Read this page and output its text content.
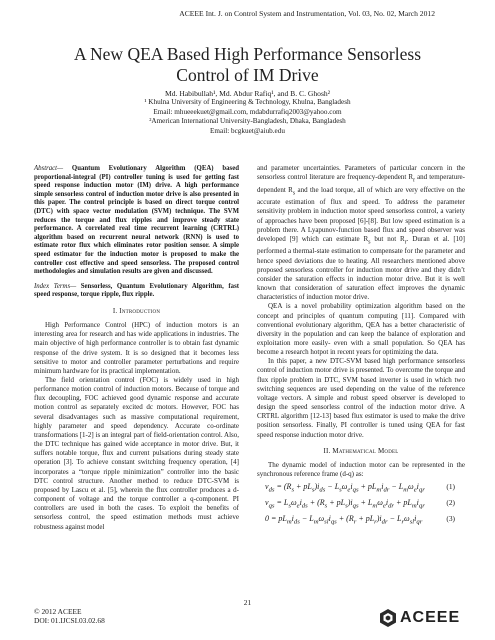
ACEEE Int. J. on Control System and Instrumentation, Vol. 03, No. 02, March 2012
A New QEA Based High Performance Sensorless
Control of IM Drive
Md. Habibullah¹, Md. Abdur Rafiq¹, and B. C. Ghosh²
¹ Khulna University of Engineering & Technology, Khulna, Bangladesh
Email: mhueeekuet@gmail.com, mdabdurrafiq2003@yahoo.com
²American International University-Bangladesh, Dhaka, Bangladesh
Email: bcgkuet@aiub.edu

Abstract— Quantum Evolutionary Algorithm (QEA) based proportional-integral (PI) controller tuning is used for getting fast speed response induction motor (IM) drive. A high performance simple sensorless control of induction motor drive is also presented in this paper. The control principle is based on direct torque control (DTC) with space vector modulation (SVM) technique. The SVM reduces the torque and flux ripples and improve steady state performance. A correlated real time recurrent learning (CRTRL) algorithm based on recurrent neural network (RNN) is used to estimate rotor flux which eliminates rotor position sensor. A simple speed estimator for the induction motor is proposed to make the controller cost effective and speed sensorless. The proposed control methodologies and simulation results are given and discussed.

Index Terms— Sensorless, Quantum Evolutionary Algorithm, fast speed response, torque ripple, flux ripple.

I. Introduction

High Performance Control (HPC) of induction motors is an interesting area for research and has wide applications in industries. The main objective of high performance controller is to obtain fast dynamic response of the drive system. It is so designed that it becomes less sensitive to motor and controller parameter perturbations and require minimum hardware for its practical implementation.

The field orientation control (FOC) is widely used in high performance motion control of induction motors. Because of torque and flux decoupling, FOC achieved good dynamic response and accurate motion control as separately excited dc motors. However, FOC has several disadvantages such as massive computational requirement, highly parameter and speed dependency. Accurate co-ordinate transformations [1-2] is an integral part of field-orientation control. Also, the DTC technique has gained wide acceptance in motor drive. But, it suffers notable torque, flux and current pulsations during steady state operation [3]. To achieve constant switching frequency operation, [4] incorporates a “torque ripple minimization” controller into the basic DTC control structure. Another method to reduce DTC-SVM is proposed by Lascu et al. [5], wherein the flux controller produces a d-component of voltage and the torque controller a q-component. PI controllers are used in both the cases. To exploit the benefits of sensorless control, the speed estimation methods must achieve robustness against model

and parameter uncertainties. Parameters of particular concern in the sensorless control literature are frequency-dependent $R_r$ and temperature-dependent $R_s$ and the load torque, all of which are very effective on the accurate estimation of flux and speed. To address the parameter sensitivity problem in induction motor speed sensorless control, a variety of approaches have been proposed [6]-[8]. But low speed estimation is a problem there. A Lyapunov-function based flux and speed observer was developed [9] which can estimate $R_s$ but not $R_r$. Duran et al. [10] performed a thermal-state estimation to compensate for the parameter and hence speed deviations due to heating. All researchers mentioned above proposed sensorless controller for induction motor drive and they didn’t consider the saturation effects in induction motor drive. But it is well known that consideration of saturation effect improves the dynamic characteristics of induction motor drive.

QEA is a novel probability optimization algorithm based on the concept and principles of quantum computing [11]. Compared with conventional evolutionary algorithm, QEA has a better characteristic of diversity in the population and can keep the balance of exploration and exploitation more easily- even with a small population. So QEA has become a research hotpot in recent years for optimizing the data.

In this paper, a new DTC-SVM based high performance sensorless control of induction motor drive is presented. To overcome the torque and flux ripple problem in DTC, SVM based inverter is used in which two switching sequences are used depending on the value of the reference voltage vectors. A simple and robust speed observer is developed to design the speed sensorless control of the induction motor drive. A CRTRL algorithm [12-13] based flux estimator is used to make the drive position sensorless. Finally, PI controller is tuned using QEA for fast speed response induction motor drive.

II. Mathematical Model

The dynamic model of induction motor can be represented in the synchronous reference frame (d-q) as:

$v_{ds} = (R_s + pL_s)i_{ds} - L_s\omega_ei_{qs} + pL_mi_{dr} - L_m\omega_ei_{qr}$	(1)
$v_{qs} = L_s\omega_ei_{ds} + (R_s + pL_s)i_{qs} + L_m\omega_ei_{dr} + pL_mi_{qr}$	(2)
$0 = pL_mi_{ds} - L_m\omega_{sl}i_{qs} + (R_r + pL_r)i_{dr} - L_r\omega_{sl}i_{qr}$	(3)
21
© 2012 ACEEE
DOI: 01.IJCSI.03.02.68	ACEEE
